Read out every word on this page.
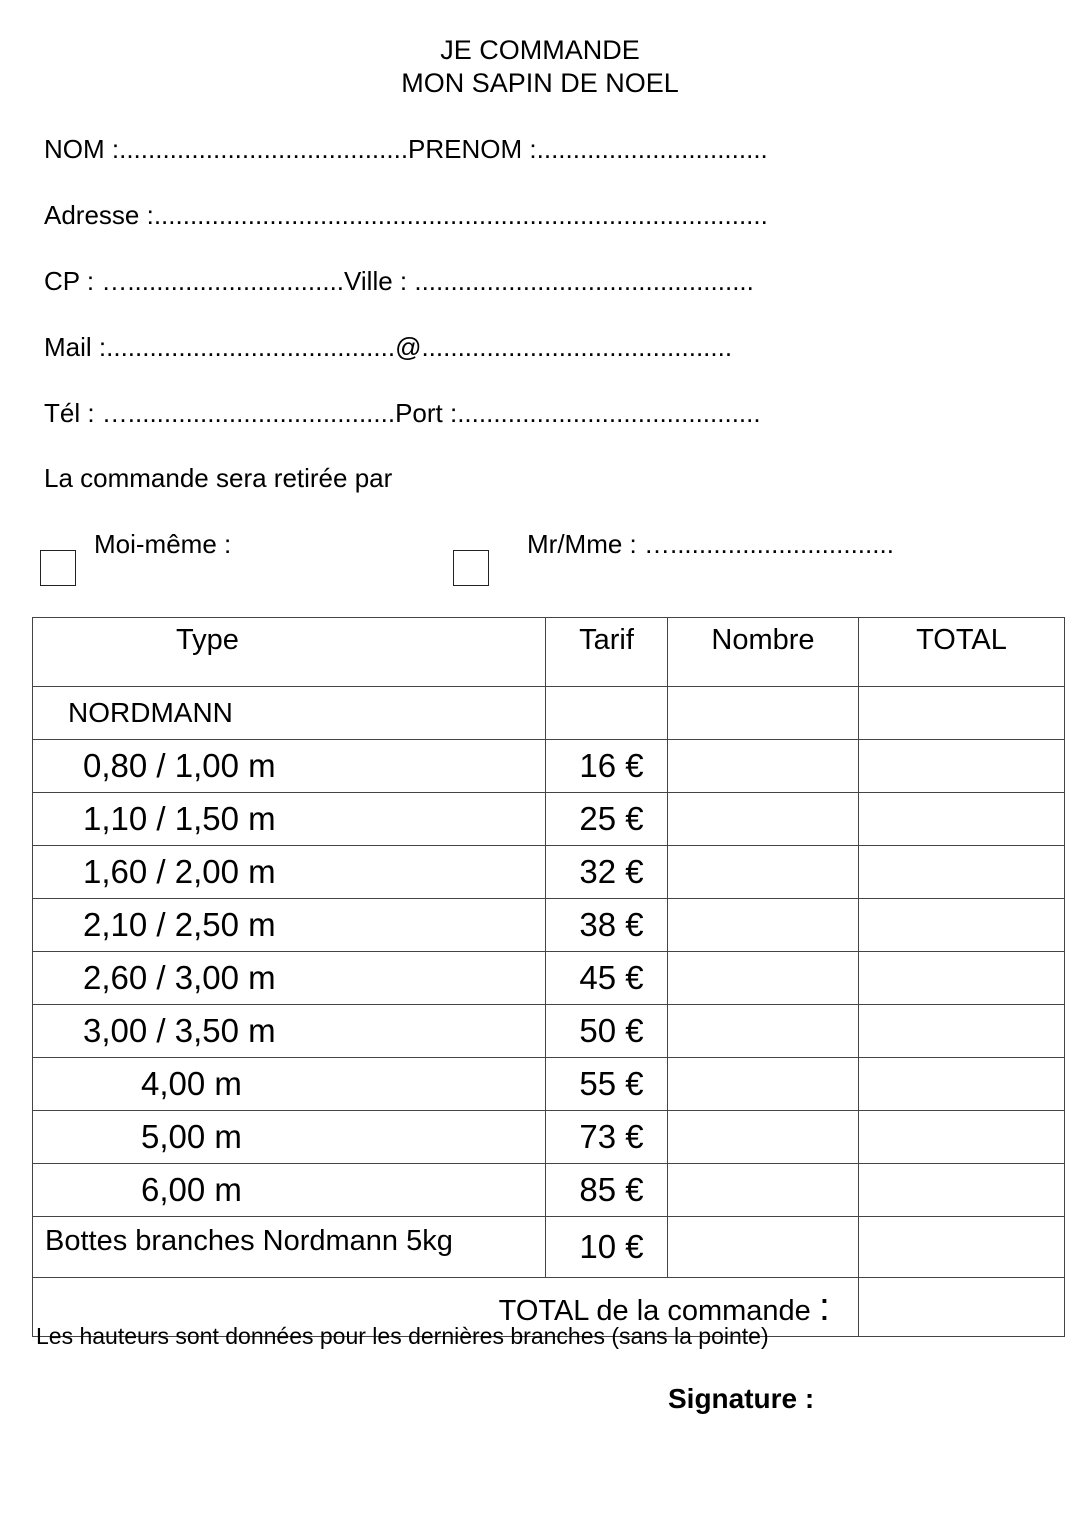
JE COMMANDE
MON SAPIN DE NOEL
NOM :........................................PRENOM :................................
Adresse :.....................................................................................
CP : …..............................Ville : ...............................................
Mail :........................................@...........................................
Tél : ….....................................Port :..........................................
La commande sera retirée par
Moi-même :	Mr/Mme : …...............................
Type	Tarif	Nombre	TOTAL
NORDMANN			
0,80 / 1,00 m	16 €		
1,10 / 1,50 m	25 €		
1,60 / 2,00 m	32 €		
2,10 / 2,50 m	38 €		
2,60 / 3,00 m	45 €		
3,00 / 3,50 m	50 €		
4,00 m	55 €		
5,00 m	73 €		
6,00 m	85 €		
Bottes branches Nordmann 5kg	10 €		
TOTAL de la commande :			
Les hauteurs sont données pour les dernières branches (sans la pointe)
Signature :
